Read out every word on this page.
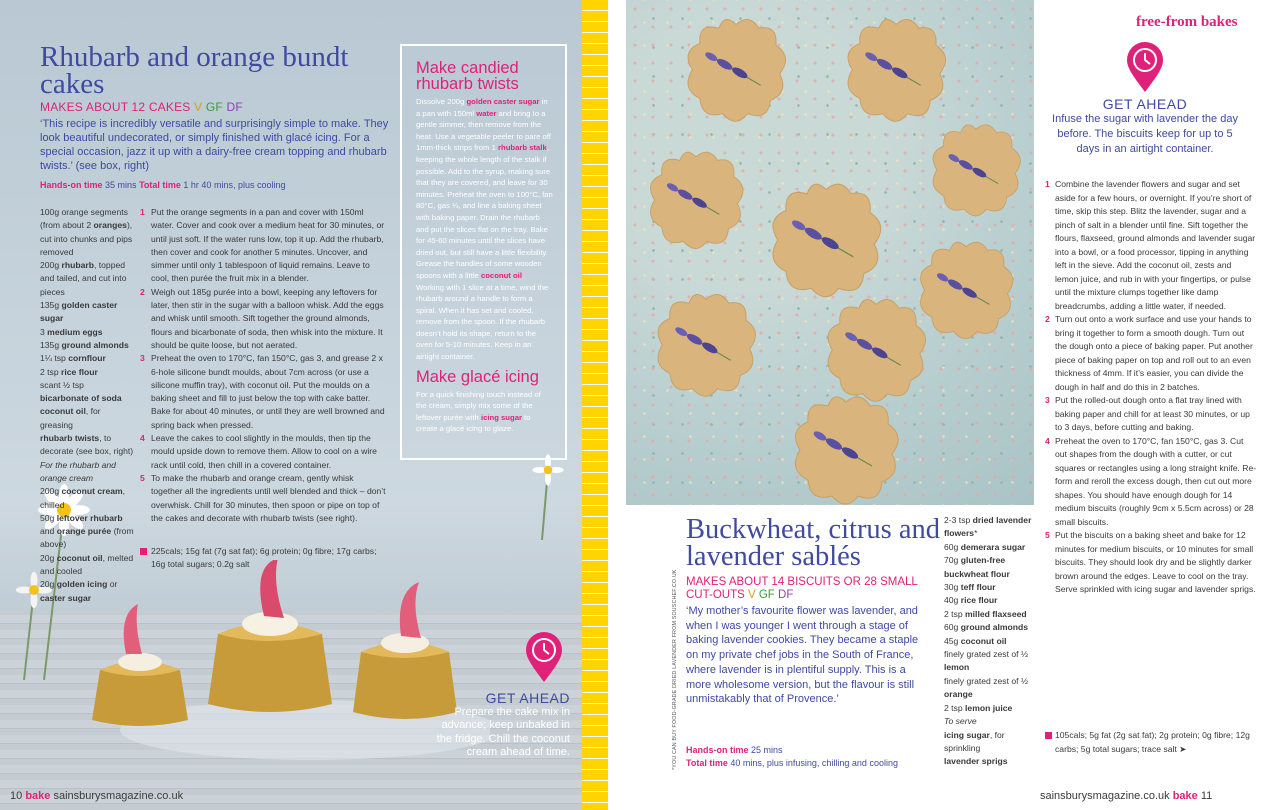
Rhubarb and orange bundt cakes
MAKES ABOUT 12 CAKES V GF DF

‘This recipe is incredibly versatile and surprisingly simple to make. They look beautiful undecorated, or simply finished with glacé icing. For a special occasion, jazz it up with a dairy-free cream topping and rhubarb twists.’ (see box, right)

Hands-on time 35 mins Total time 1 hr 40 mins, plus cooling
100g orange segments (from about 2 oranges), cut into chunks and pips removed
200g rhubarb, topped and tailed, and cut into pieces
135g golden caster sugar
3 medium eggs
135g ground almonds
1¼ tsp cornflour
2 tsp rice flour
scant ½ tsp bicarbonate of soda
coconut oil, for greasing
rhubarb twists, to decorate (see box, right)
For the rhubarb and orange cream
200g coconut cream, chilled
50g leftover rhubarb and orange purée (from above)
20g coconut oil, melted and cooled
20g golden icing or caster sugar
1 Put the orange segments in a pan and cover with 150ml water. Cover and cook over a medium heat for 30 minutes, or until just soft. If the water runs low, top it up. Add the rhubarb, then cover and cook for another 5 minutes. Uncover, and simmer until only 1 tablespoon of liquid remains. Leave to cool, then purée the fruit mix in a blender.
2 Weigh out 185g purée into a bowl, keeping any leftovers for later, then stir in the sugar with a balloon whisk. Add the eggs and whisk until smooth. Sift together the ground almonds, flours and bicarbonate of soda, then whisk into the mixture. It should be quite loose, but not aerated.
3 Preheat the oven to 170°C, fan 150°C, gas 3, and grease 2 x 6-hole silicone bundt moulds, about 7cm across (or use a silicone muffin tray), with coconut oil. Put the moulds on a baking sheet and fill to just below the top with cake batter. Bake for about 40 minutes, or until they are well browned and spring back when pressed.
4 Leave the cakes to cool slightly in the moulds, then tip the mould upside down to remove them. Allow to cool on a wire rack until cold, then chill in a covered container.
5 To make the rhubarb and orange cream, gently whisk together all the ingredients until well blended and thick – don’t overwhisk. Chill for 30 minutes, then spoon or pipe on top of the cakes and decorate with rhubarb twists (see right).
225cals; 15g fat (7g sat fat); 6g protein; 0g fibre; 17g carbs; 16g total sugars; 0.2g salt
Make candied rhubarb twists

Dissolve 200g golden caster sugar in a pan with 150ml water and bring to a gentle simmer, then remove from the heat. Use a vegetable peeler to pare off 1mm-thick strips from 1 rhubarb stalk, keeping the whole length of the stalk if possible. Add to the syrup, making sure that they are covered, and leave for 30 minutes. Preheat the oven to 100°C, fan 80°C, gas ¼, and line a baking sheet with baking paper. Drain the rhubarb and put the slices flat on the tray. Bake for 45-60 minutes until the slices have dried out, but still have a little flexibility. Grease the handles of some wooden spoons with a little coconut oil. Working with 1 slice at a time, wind the rhubarb around a handle to form a spiral. When it has set and cooled, remove from the spoon. If the rhubarb doesn’t hold its shape, return to the oven for 5-10 minutes. Keep in an airtight container.

Make glacé icing

For a quick finishing touch instead of the cream, simply mix some of the leftover purée with icing sugar to create a glacé icing to glaze.

GET AHEAD

Prepare the cake mix in advance; keep unbaked in the fridge. Chill the coconut cream ahead of time.

10 bake sainsburysmagazine.co.uk
free-from bakes
GET AHEAD

Infuse the sugar with lavender the day before. The biscuits keep for up to 5 days in an airtight container.

1 Combine the lavender flowers and sugar and set aside for a few hours, or overnight. If you’re short of time, skip this step. Blitz the lavender, sugar and a pinch of salt in a blender until fine. Sift together the flours, flaxseed, ground almonds and lavender sugar into a bowl, or a food processor, tipping in anything left in the sieve. Add the coconut oil, zests and lemon juice, and rub in with your fingertips, or pulse until the mixture clumps together like damp breadcrumbs, adding a little water, if needed.
2 Turn out onto a work surface and use your hands to bring it together to form a smooth dough. Turn out the dough onto a piece of baking paper. Put another piece of baking paper on top and roll out to an even thickness of 4mm. If it’s easier, you can divide the dough in half and do this in 2 batches.
3 Put the rolled-out dough onto a flat tray lined with baking paper and chill for at least 30 minutes, or up to 3 days, before cutting and baking.
4 Preheat the oven to 170°C, fan 150°C, gas 3. Cut out shapes from the dough with a cutter, or cut squares or rectangles using a long straight knife. Re-form and reroll the excess dough, then cut out more shapes. You should have enough dough for 14 medium biscuits (roughly 9cm x 5.5cm across) or 28 small biscuits.
5 Put the biscuits on a baking sheet and bake for 12 minutes for medium biscuits, or 10 minutes for small biscuits. They should look dry and be slightly darker brown around the edges. Leave to cool on the tray. Serve sprinkled with icing sugar and lavender sprigs.
105cals; 5g fat (2g sat fat); 2g protein; 0g fibre; 12g carbs; 5g total sugars; trace salt ➤
Buckwheat, citrus and lavender sablés
MAKES ABOUT 14 BISCUITS OR 28 SMALL CUT-OUTS V GF DF

‘My mother’s favourite flower was lavender, and when I was younger I went through a stage of baking lavender cookies. They became a staple on my private chef jobs in the South of France, where lavender is in plentiful supply. This is a more wholesome version, but the flavour is still unmistakably that of Provence.’

Hands-on time 25 mins
Total time 40 mins, plus infusing, chilling and cooling
*YOU CAN BUY FOOD-GRADE DRIED LAVENDER FROM SOUSCHEF.CO.UK
2-3 tsp dried lavender flowers*
60g demerara sugar
70g gluten-free buckwheat flour
30g teff flour
40g rice flour
2 tsp milled flaxseed
60g ground almonds
45g coconut oil
finely grated zest of ½ lemon
finely grated zest of ½ orange
2 tsp lemon juice
To serve
icing sugar, for sprinkling
lavender sprigs
sainsburysmagazine.co.uk bake 11
